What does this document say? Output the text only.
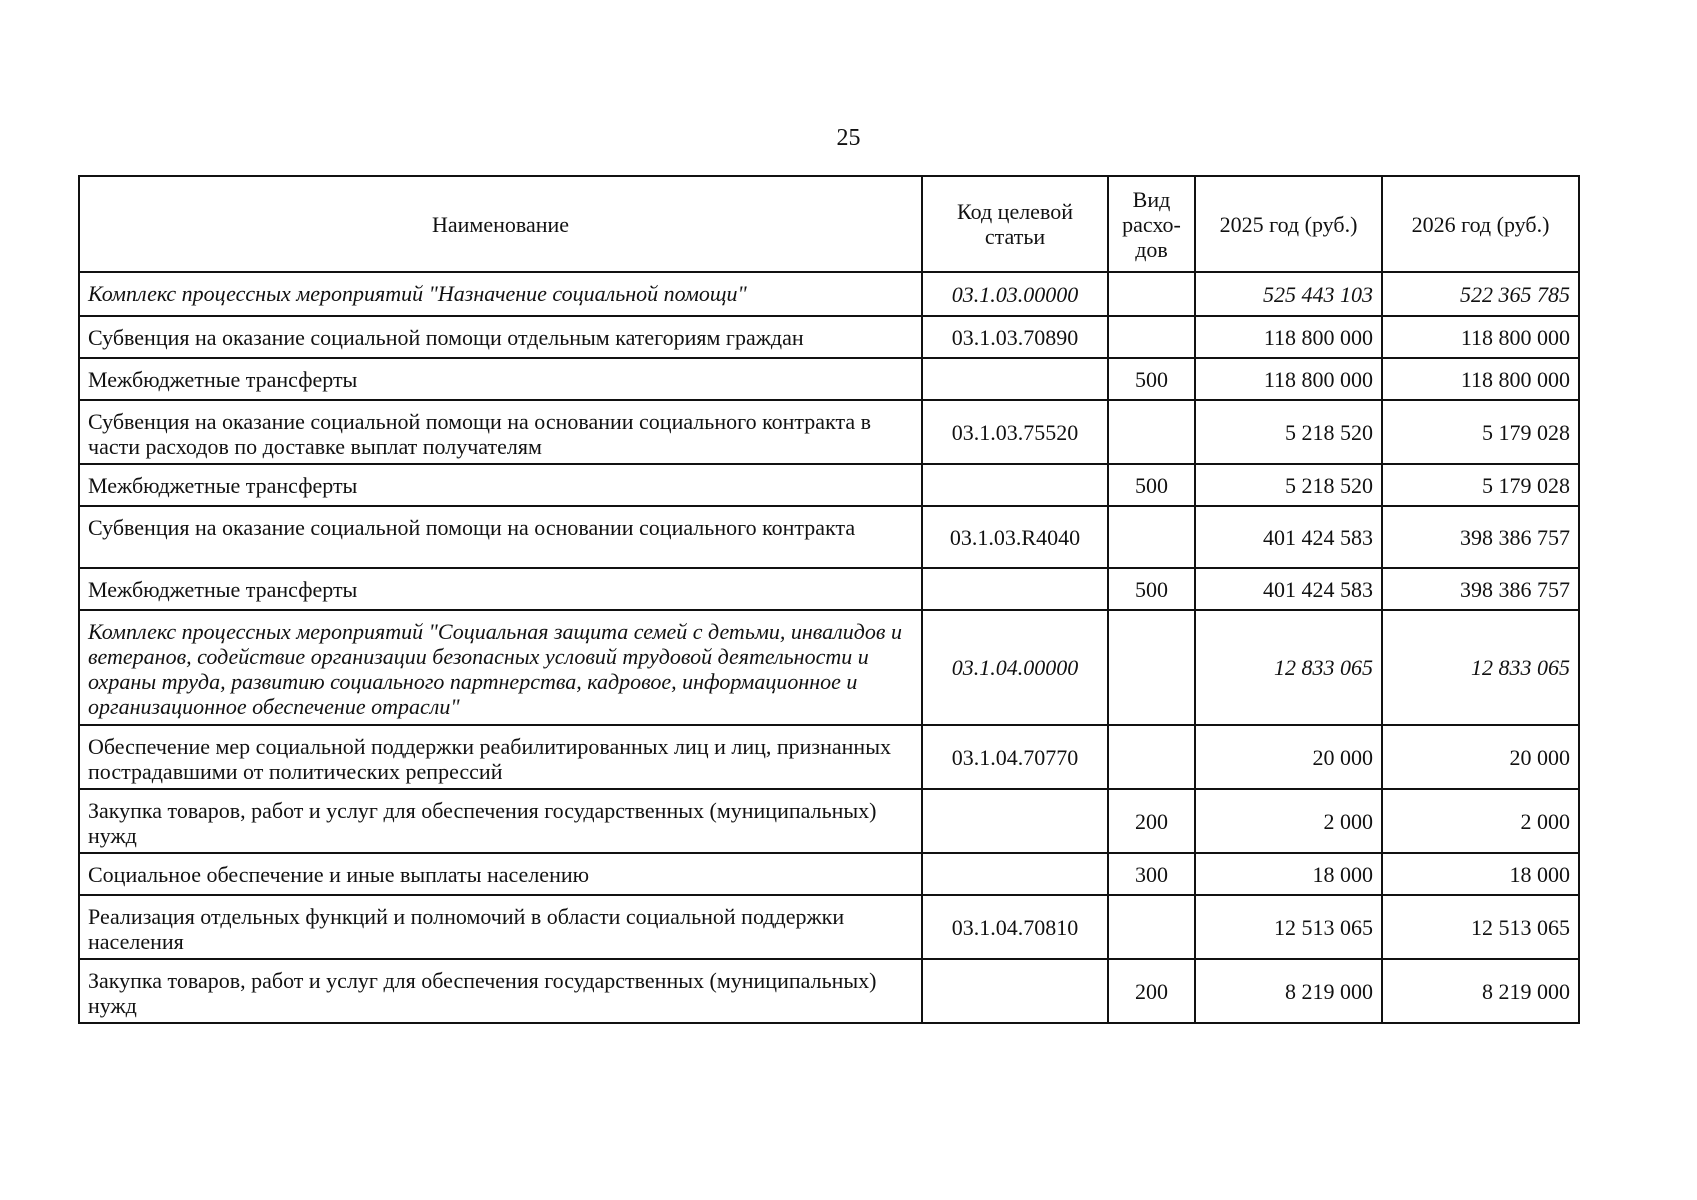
25
Наименование	Код целевой статьи	Вид расхо-дов	2025 год (руб.)	2026 год (руб.)
Комплекс процессных мероприятий "Назначение социальной помощи"	03.1.03.00000		525 443 103	522 365 785
Субвенция на оказание социальной помощи отдельным категориям граждан	03.1.03.70890		118 800 000	118 800 000
Межбюджетные трансферты		500	118 800 000	118 800 000
Субвенция на оказание социальной помощи на основании социального контракта в части расходов по доставке выплат получателям	03.1.03.75520		5 218 520	5 179 028
Межбюджетные трансферты		500	5 218 520	5 179 028
Субвенция на оказание социальной помощи на основании социального контракта	03.1.03.R4040		401 424 583	398 386 757
Межбюджетные трансферты		500	401 424 583	398 386 757
Комплекс процессных мероприятий "Социальная защита семей с детьми, инвалидов и ветеранов, содействие организации безопасных условий трудовой деятельности и охраны труда, развитию социального партнерства, кадровое, информационное и организационное обеспечение отрасли"	03.1.04.00000		12 833 065	12 833 065
Обеспечение мер социальной поддержки реабилитированных лиц и лиц, признанных пострадавшими от политических репрессий	03.1.04.70770		20 000	20 000
Закупка товаров, работ и услуг для обеспечения государственных (муниципальных) нужд		200	2 000	2 000
Социальное обеспечение и иные выплаты населению		300	18 000	18 000
Реализация отдельных функций и полномочий в области социальной поддержки населения	03.1.04.70810		12 513 065	12 513 065
Закупка товаров, работ и услуг для обеспечения государственных (муниципальных) нужд		200	8 219 000	8 219 000
